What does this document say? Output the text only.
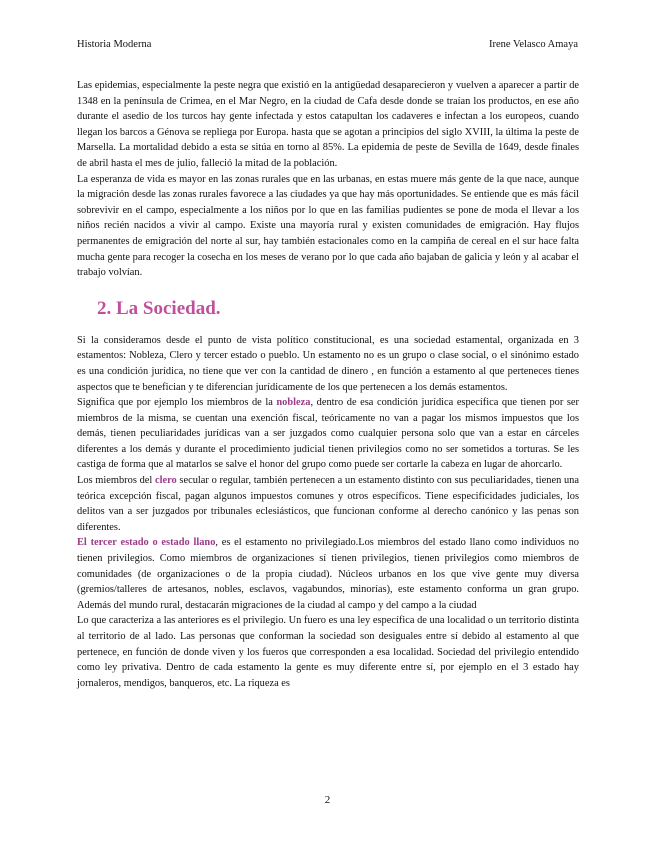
Historia Moderna	Irene Velasco Amaya

Las epidemias, especialmente la peste negra que existió en la antigüedad desaparecieron y vuelven a aparecer a partir de 1348 en la península de Crimea, en el Mar Negro, en la ciudad de Cafa desde donde se traían los productos, en ese año durante el asedio de los turcos hay gente infectada y estos catapultan los cadaveres e infectan a los europeos, cuando llegan los barcos a Génova se repliega por Europa. hasta que se agotan a principios del siglo XVIII, la última la peste de Marsella. La mortalidad debido a esta se sitúa en torno al 85%. La epidemia de peste de Sevilla de 1649, desde finales de abril hasta el mes de julio, falleció la mitad de la población.

La esperanza de vida es mayor en las zonas rurales que en las urbanas, en estas muere más gente de la que nace, aunque la migración desde las zonas rurales favorece a las ciudades ya que hay más oportunidades. Se entiende que es más fácil sobrevivir en el campo, especialmente a los niños por lo que en las familias pudientes se pone de moda el llevar a los niños recién nacidos a vivir al campo. Existe una mayoría rural y existen comunidades de emigración. Hay flujos permanentes de emigración del norte al sur, hay también estacionales como en la campiña de cereal en el sur hace falta mucha gente para recoger la cosecha en los meses de verano por lo que cada año bajaban de galicia y león y al acabar el trabajo volvían.

2. La Sociedad.

Si la consideramos desde el punto de vista político constitucional, es una sociedad estamental, organizada en 3 estamentos: Nobleza, Clero y tercer estado o pueblo. Un estamento no es un grupo o clase social, o el sinónimo estado es una condición jurídica, no tiene que ver con la cantidad de dinero , en función a estamento al que perteneces tienes aspectos que te benefician y te diferencian jurídicamente de los que pertenecen a los demás estamentos.

Significa que por ejemplo los miembros de la nobleza, dentro de esa condición jurídica específica que tienen por ser miembros de la misma, se cuentan una exención fiscal, teóricamente no van a pagar los mismos impuestos que los demás, tienen peculiaridades jurídicas van a ser juzgados como cualquier persona solo que van a estar en cárceles diferentes a los demás y durante el procedimiento judicial tienen privilegios como no ser sometidos a torturas. Se les castiga de forma que al matarlos se salve el honor del grupo como puede ser cortarle la cabeza en lugar de ahorcarlo.

Los miembros del clero secular o regular, también pertenecen a un estamento distinto con sus peculiaridades, tienen una teórica excepción fiscal, pagan algunos impuestos comunes y otros específicos. Tiene especificidades judiciales, los delitos van a ser juzgados por tribunales eclesiásticos, que funcionan conforme al derecho canónico y las penas son diferentes.

El tercer estado o estado llano, es el estamento no privilegiado.Los miembros del estado llano como individuos no tienen privilegios. Como miembros de organizaciones sí tienen privilegios, tienen privilegios como miembros de comunidades (de organizaciones o de la propia ciudad). Núcleos urbanos en los que vive gente muy diversa (gremios/talleres de artesanos, nobles, esclavos, vagabundos, minorías), este estamento conforma un gran grupo. Además del mundo rural, destacarán migraciones de la ciudad al campo y del campo a la ciudad

Lo que caracteriza a las anteriores es el privilegio. Un fuero es una ley específica de una localidad o un territorio distinta al territorio de al lado. Las personas que conforman la sociedad son desiguales entre sí debido al estamento al que pertenece, en función de donde viven y los fueros que corresponden a esa localidad. Sociedad del privilegio entendido como ley privativa. Dentro de cada estamento la gente es muy diferente entre sí, por ejemplo en el 3 estado hay jornaleros, mendigos, banqueros, etc. La riqueza es

2
